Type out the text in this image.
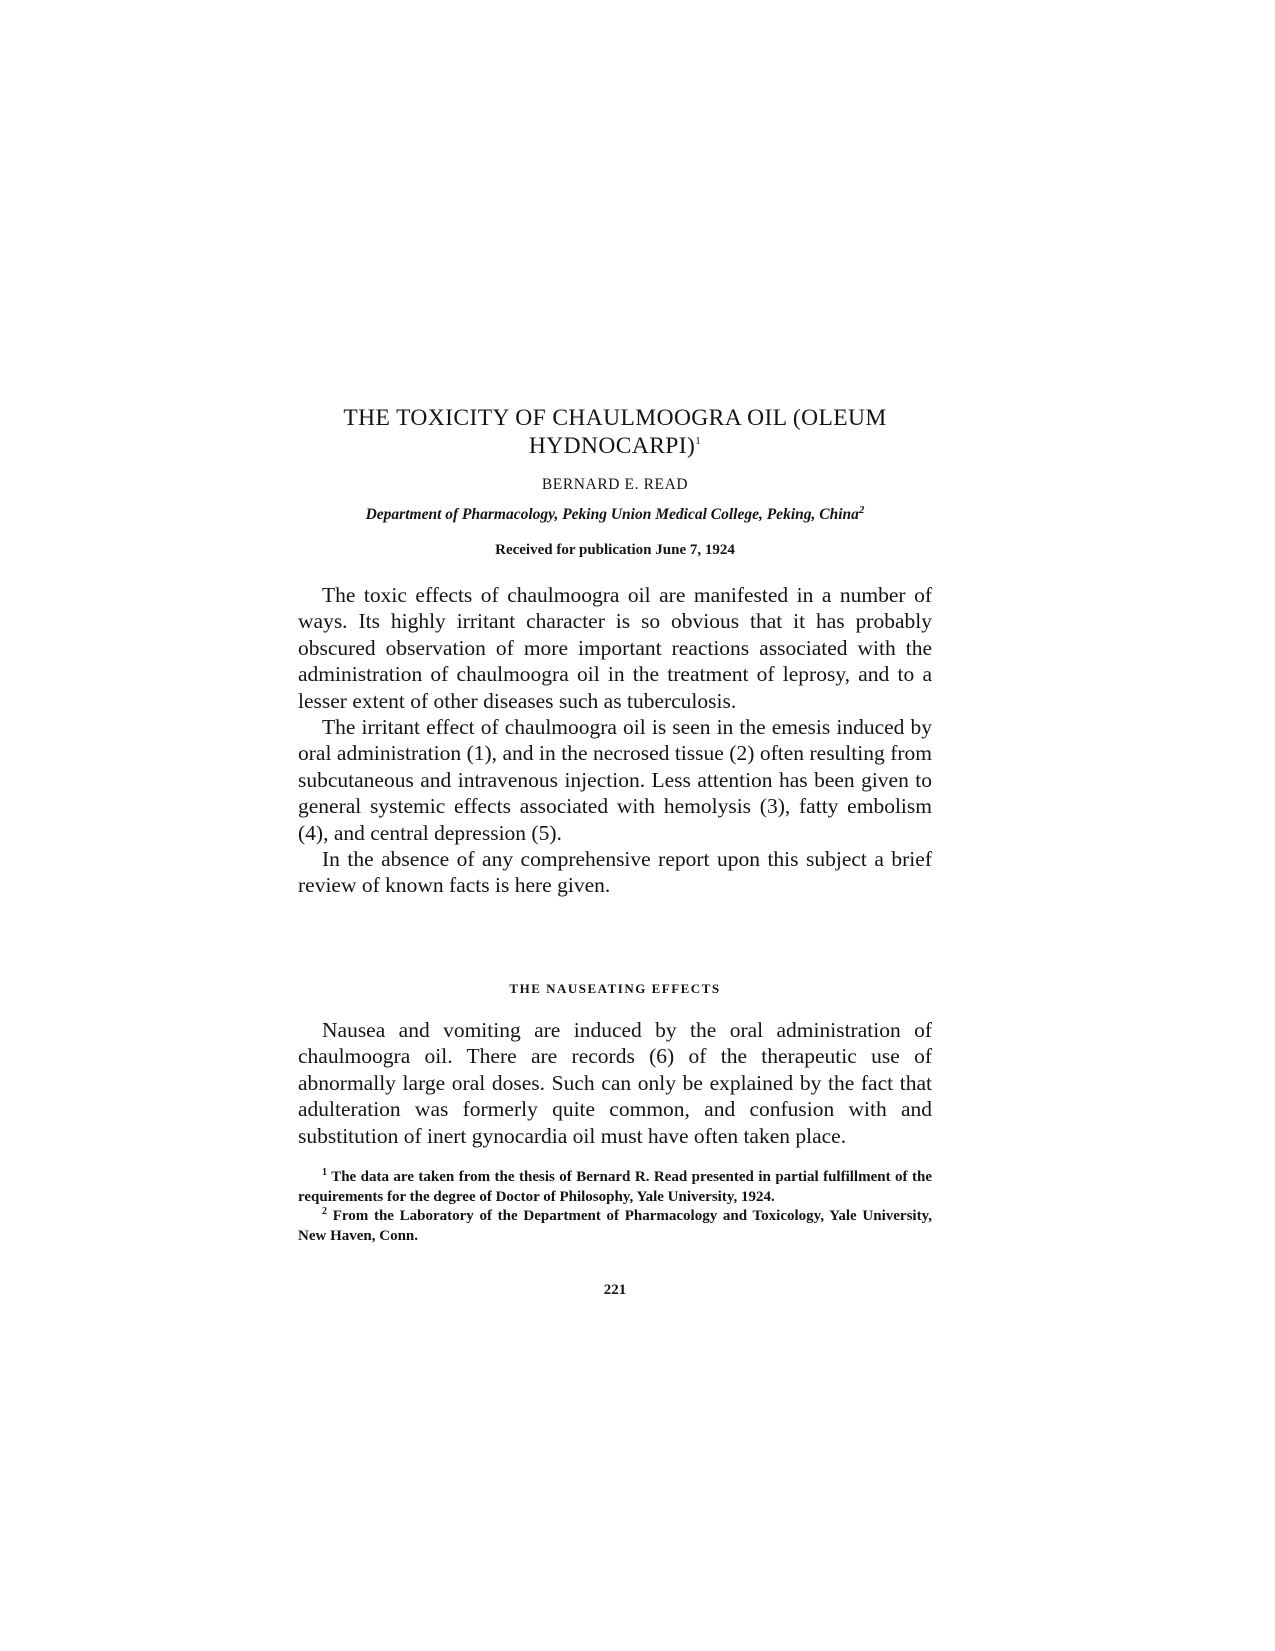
THE TOXICITY OF CHAULMOOGRA OIL (OLEUM HYDNOCARPI)$^1$

BERNARD E. READ

Department of Pharmacology, Peking Union Medical College, Peking, China$^2$

Received for publication June 7, 1924

The toxic effects of chaulmoogra oil are manifested in a number of ways. Its highly irritant character is so obvious that it has probably obscured observation of more important reactions associated with the administration of chaulmoogra oil in the treatment of leprosy, and to a lesser extent of other diseases such as tuberculosis.

The irritant effect of chaulmoogra oil is seen in the emesis induced by oral administration (1), and in the necrosed tissue (2) often resulting from subcutaneous and intravenous injection. Less attention has been given to general systemic effects associated with hemolysis (3), fatty embolism (4), and central depression (5).

In the absence of any comprehensive report upon this subject a brief review of known facts is here given.

THE NAUSEATING EFFECTS

Nausea and vomiting are induced by the oral administration of chaulmoogra oil. There are records (6) of the therapeutic use of abnormally large oral doses. Such can only be explained by the fact that adulteration was formerly quite common, and confusion with and substitution of inert gynocardia oil must have often taken place.

$^1$ The data are taken from the thesis of Bernard R. Read presented in partial fulfillment of the requirements for the degree of Doctor of Philosophy, Yale University, 1924.

$^2$ From the Laboratory of the Department of Pharmacology and Toxicology, Yale University, New Haven, Conn.

221
